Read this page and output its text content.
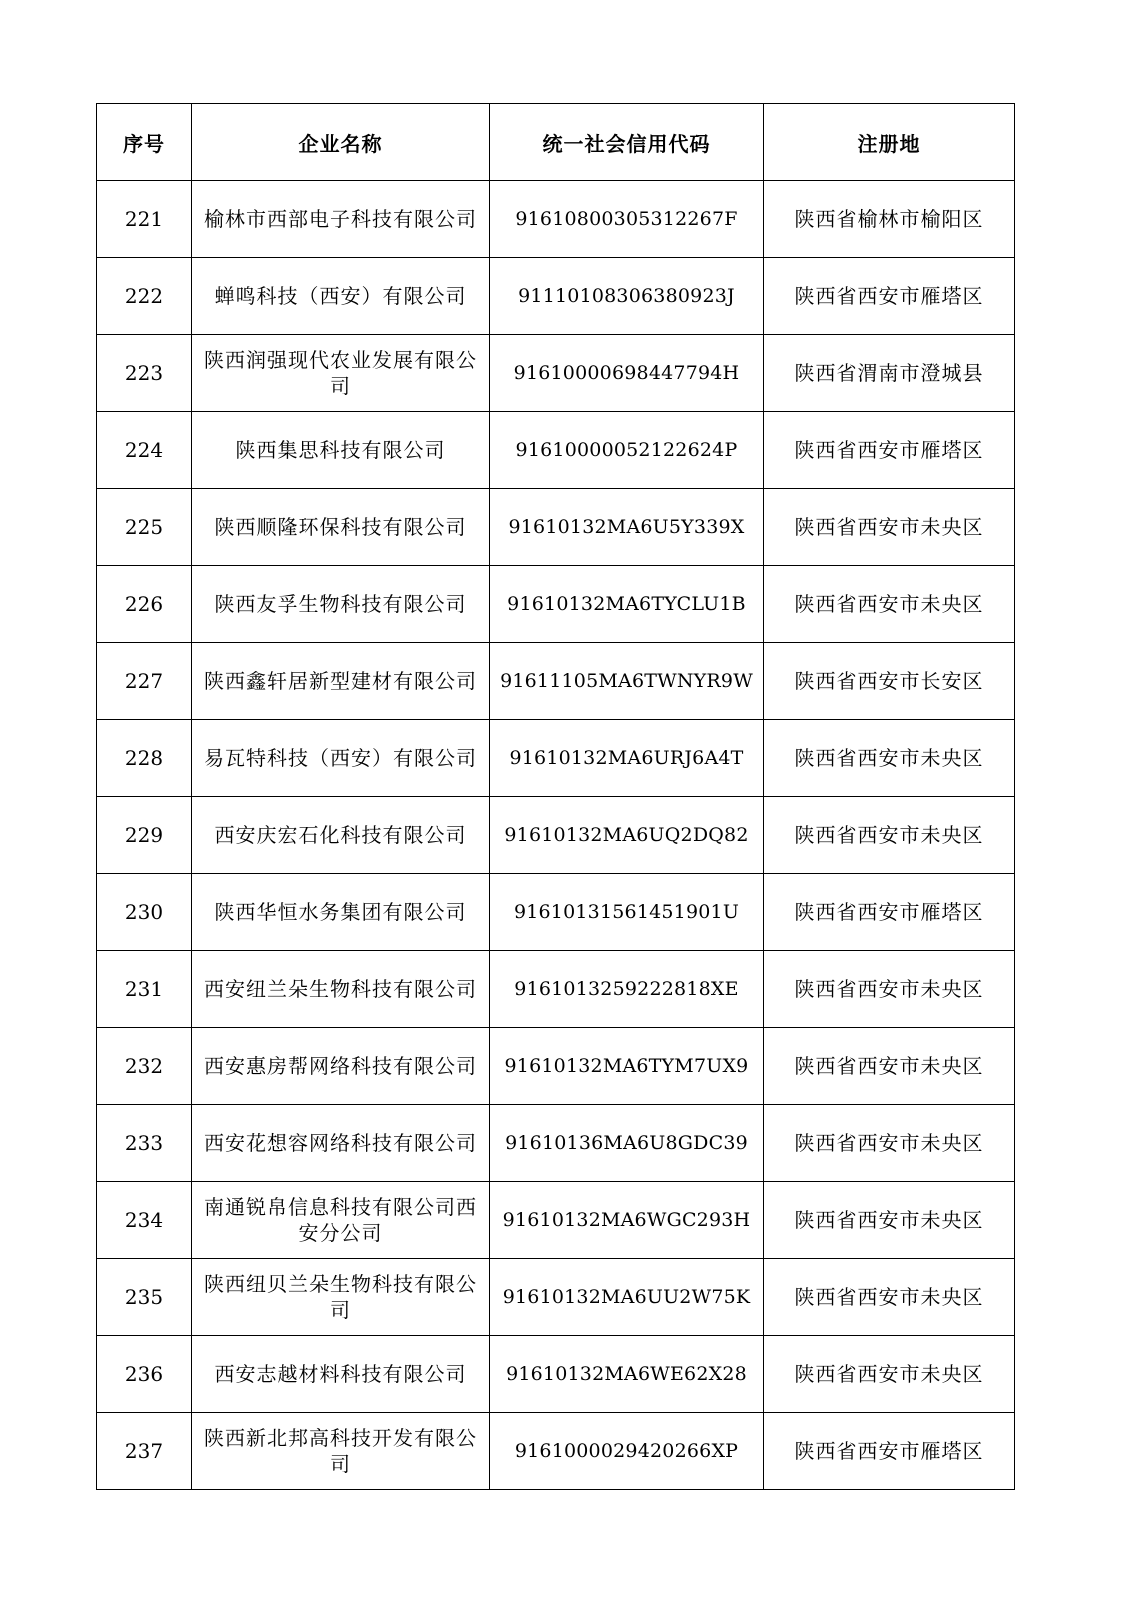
序号	企业名称	统一社会信用代码	注册地
221	榆林市西部电子科技有限公司	91610800305312267F	陕西省榆林市榆阳区
222	蝉鸣科技（西安）有限公司	91110108306380923J	陕西省西安市雁塔区
223	陕西润强现代农业发展有限公司	91610000698447794H	陕西省渭南市澄城县
224	陕西集思科技有限公司	91610000052122624P	陕西省西安市雁塔区
225	陕西顺隆环保科技有限公司	91610132MA6U5Y339X	陕西省西安市未央区
226	陕西友孚生物科技有限公司	91610132MA6TYCLU1B	陕西省西安市未央区
227	陕西鑫轩居新型建材有限公司	91611105MA6TWNYR9W	陕西省西安市长安区
228	易瓦特科技（西安）有限公司	91610132MA6URJ6A4T	陕西省西安市未央区
229	西安庆宏石化科技有限公司	91610132MA6UQ2DQ82	陕西省西安市未央区
230	陕西华恒水务集团有限公司	91610131561451901U	陕西省西安市雁塔区
231	西安纽兰朵生物科技有限公司	9161013259222818XE	陕西省西安市未央区
232	西安惠房帮网络科技有限公司	91610132MA6TYM7UX9	陕西省西安市未央区
233	西安花想容网络科技有限公司	91610136MA6U8GDC39	陕西省西安市未央区
234	南通锐帛信息科技有限公司西安分公司	91610132MA6WGC293H	陕西省西安市未央区
235	陕西纽贝兰朵生物科技有限公司	91610132MA6UU2W75K	陕西省西安市未央区
236	西安志越材料科技有限公司	91610132MA6WE62X28	陕西省西安市未央区
237	陕西新北邦高科技开发有限公司	9161000029420266XP	陕西省西安市雁塔区
